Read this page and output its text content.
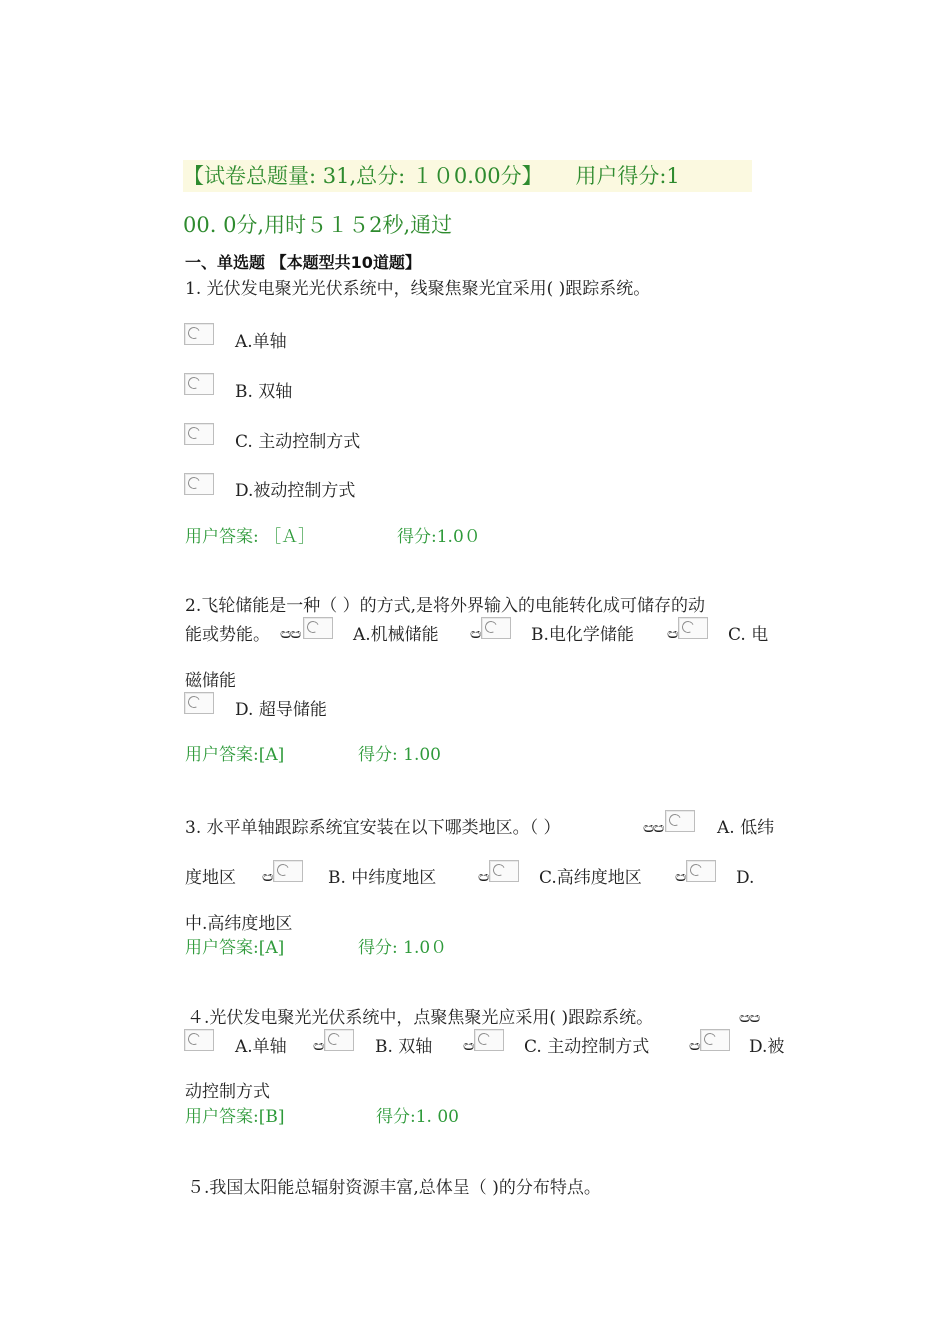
【试卷总题量: 31,总分: １０0.00分】 用户得分:1
00. 0分,用时５１５2秒,通过
一、单选题 【本题型共10道题】
1. 光伏发电聚光光伏系统中，线聚焦聚光宜采用( )跟踪系统。
A.单轴
B. 双轴
C. 主动控制方式
D.被动控制方式
用户答案: ［Ａ］	得分:1.0０
2.飞轮储能是一种（ ）的方式,是将外界输入的电能转化成可储存的动
能或势能。 ඏ
ඏ	A.机械储能 ඏ	B.电化学储能 ඏ	C. 电
磁储能
D. 超导储能
用户答案:[A]	得分: 1.00
3. 水平单轴跟踪系统宜安装在以下哪类地区。（ ）	ඏ
ඏ	A. 低纬
度地区 ඏ	B. 中纬度地区	ඏ	C.高纬度地区 ඏ	D.
中.高纬度地区
用户答案:[A]	得分: 1.0０
４.光伏发电聚光光伏系统中，点聚焦聚光应采用( )跟踪系统。	ඏ
ඏ
A.单轴 ඏ	B. 双轴 ඏ	C. 主动控制方式	ඏ	D.被
动控制方式
用户答案:[B]	得分:1. 00
５.我国太阳能总辐射资源丰富,总体呈（ )的分布特点。
